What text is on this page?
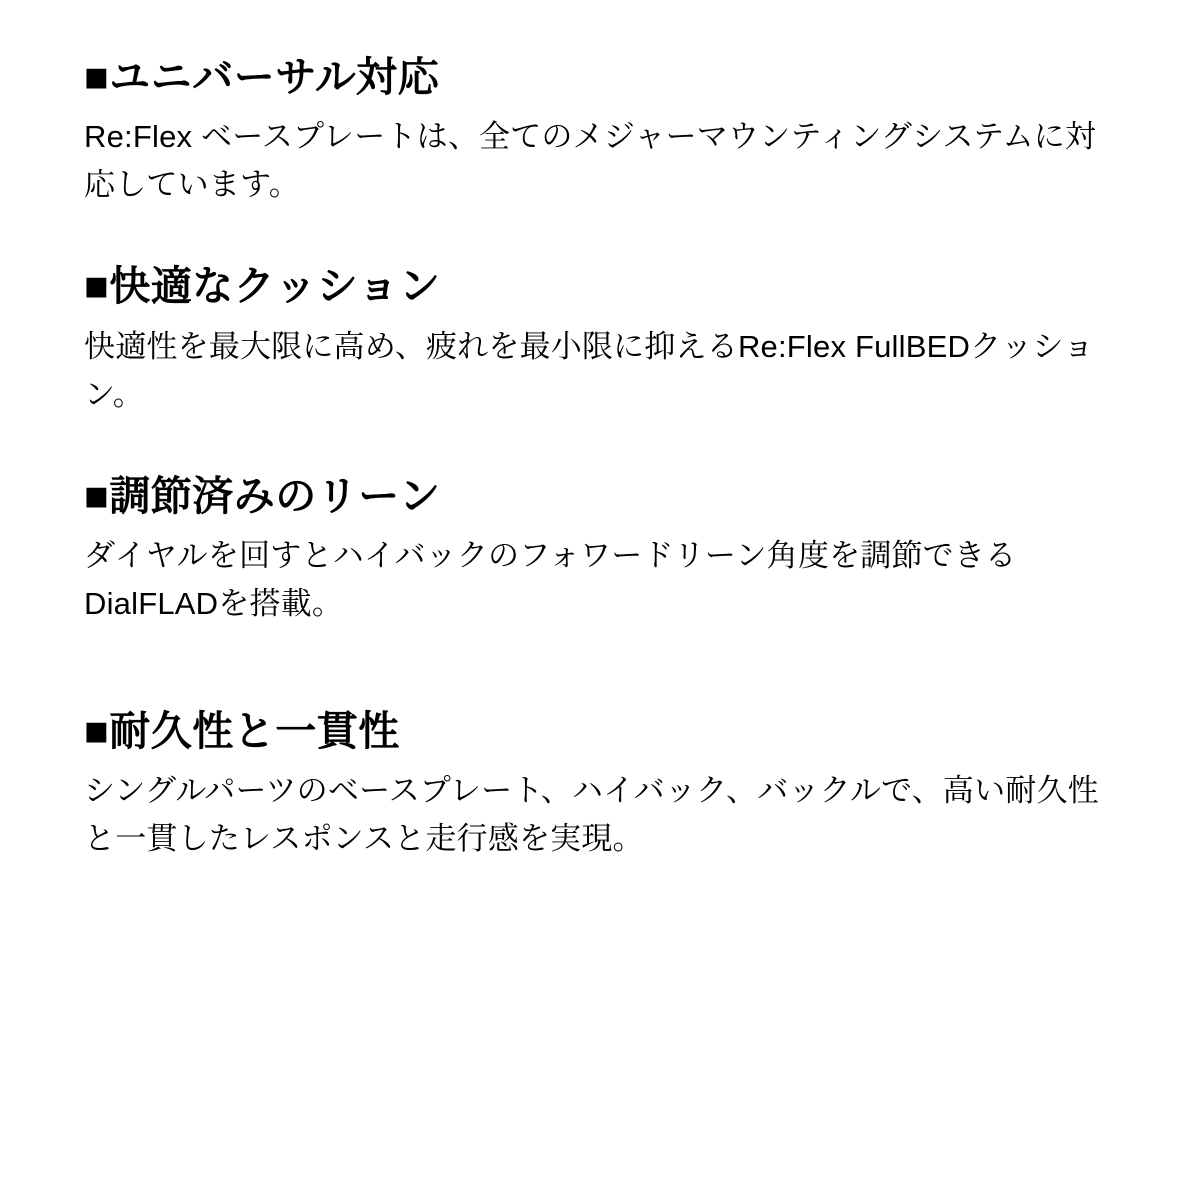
■ユニバーサル対応

Re:Flex ベースプレートは、全てのメジャーマウンティングシステムに対応しています。

■快適なクッション

快適性を最大限に高め、疲れを最小限に抑えるRe:Flex FullBEDクッション。

■調節済みのリーン

ダイヤルを回すとハイバックのフォワードリーン角度を調節できるDialFLADを搭載。

■耐久性と一貫性

シングルパーツのベースプレート、ハイバック、バックルで、高い耐久性と一貫したレスポンスと走行感を実現。
